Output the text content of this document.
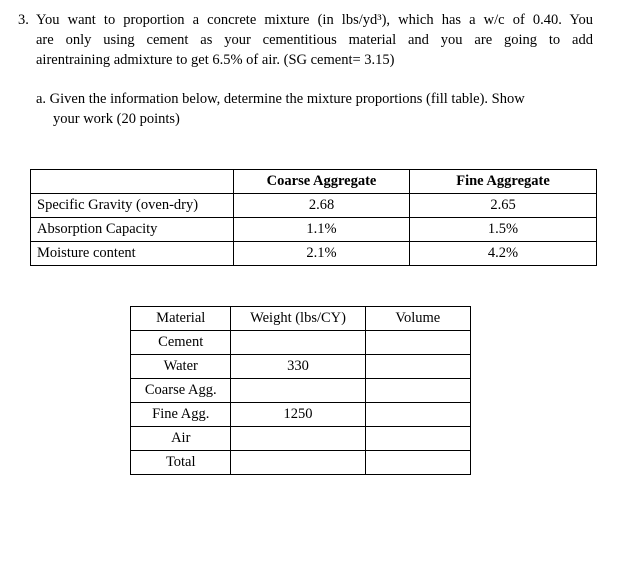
3. You want to proportion a concrete mixture (in lbs/yd³), which has a w/c of 0.40. You
are only using cement as your cementitious material and you are going to add
airentraining admixture to get 6.5% of air. (SG cement= 3.15)
a. Given the information below, determine the mixture proportions (fill table). Show
your work (20 points)
	Coarse Aggregate	Fine Aggregate
Specific Gravity (oven-dry)	2.68	2.65
Absorption Capacity	1.1%	1.5%
Moisture content	2.1%	4.2%
Material	Weight (lbs/CY)	Volume
Cement		
Water	330	
Coarse Agg.		
Fine Agg.	1250	
Air		
Total		
